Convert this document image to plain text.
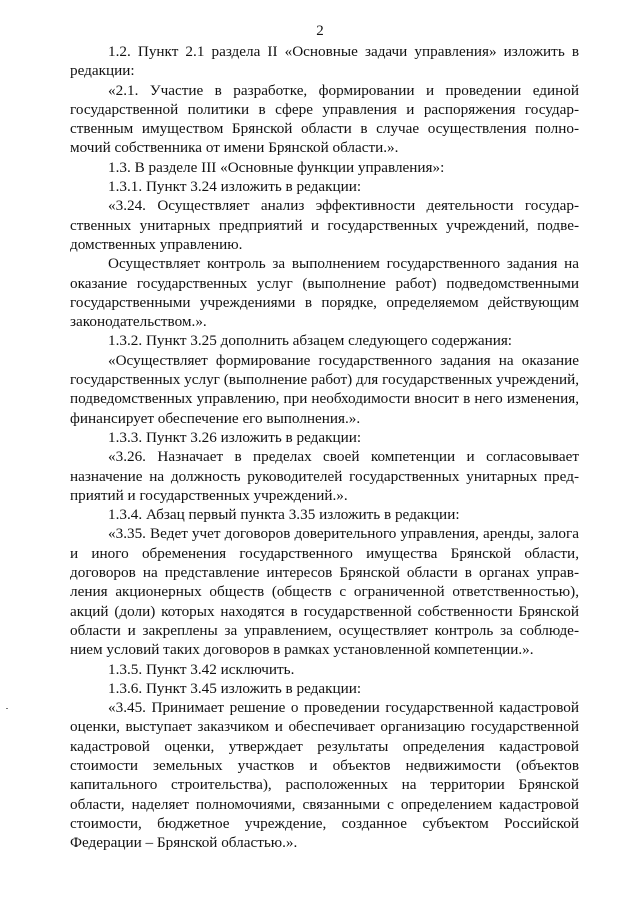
2

1.2. Пункт 2.1 раздела II «Основные задачи управления» изложить в редакции:

«2.1. Участие в разработке, формировании и проведении единой государственной политики в сфере управления и распоряжения государственным имуществом Брянской области в случае осуществления полномочий собственника от имени Брянской области.».

1.3. В разделе III «Основные функции управления»:

1.3.1. Пункт 3.24 изложить в редакции:

«3.24. Осуществляет анализ эффективности деятельности государственных унитарных предприятий и государственных учреждений, подведомственных управлению.

Осуществляет контроль за выполнением государственного задания на оказание государственных услуг (выполнение работ) подведомственными государственными учреждениями в порядке, определяемом действующим законодательством.».

1.3.2. Пункт 3.25 дополнить абзацем следующего содержания:

«Осуществляет формирование государственного задания на оказание государственных услуг (выполнение работ) для государственных учреждений, подведомственных управлению, при необходимости вносит в него изменения, финансирует обеспечение его выполнения.».

1.3.3. Пункт 3.26 изложить в редакции:

«3.26. Назначает в пределах своей компетенции и согласовывает назначение на должность руководителей государственных унитарных предприятий и государственных учреждений.».

1.3.4. Абзац первый пункта 3.35 изложить в редакции:

«3.35. Ведет учет договоров доверительного управления, аренды, залога и иного обременения государственного имущества Брянской области, договоров на представление интересов Брянской области в органах управления акционерных обществ (обществ с ограниченной ответственностью), акций (доли) которых находятся в государственной собственности Брянской области и закреплены за управлением, осуществляет контроль за соблюдением условий таких договоров в рамках установленной компетенции.».

1.3.5. Пункт 3.42 исключить.

1.3.6. Пункт 3.45 изложить в редакции:

«3.45. Принимает решение о проведении государственной кадастровой оценки, выступает заказчиком и обеспечивает организацию государственной кадастровой оценки, утверждает результаты определения кадастровой стоимости земельных участков и объектов недвижимости (объектов капитального строительства), расположенных на территории Брянской области, наделяет полномочиями, связанными с определением кадастровой стоимости, бюджетное учреждение, созданное субъектом Российской Федерации – Брянской областью.».
